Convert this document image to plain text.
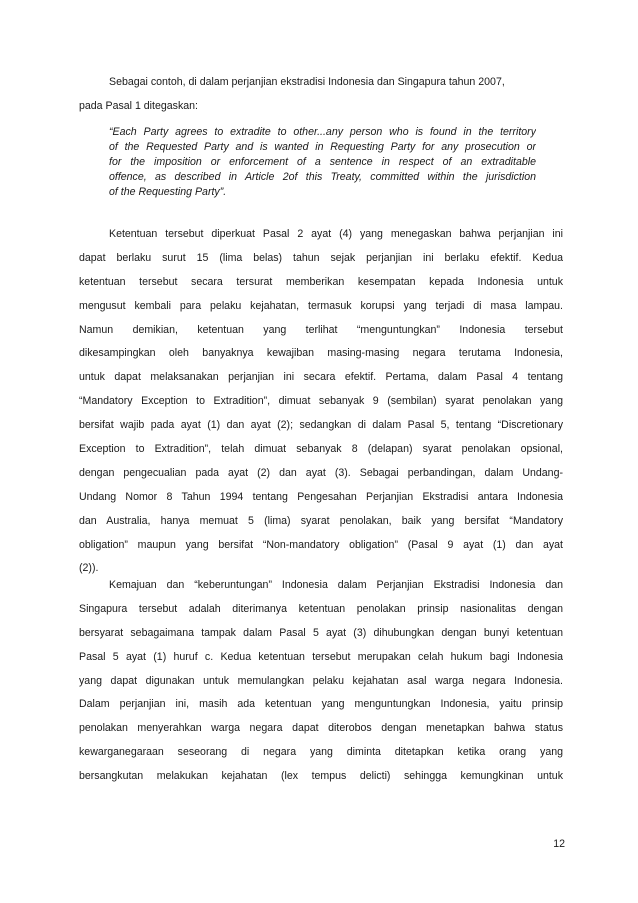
Sebagai contoh, di dalam perjanjian ekstradisi Indonesia dan Singapura tahun 2007,
pada Pasal 1 ditegaskan:
“Each Party agrees to extradite to other...any person who is found in the territory
of the Requested Party and is wanted in Requesting Party for any prosecution or
for the imposition or enforcement of a sentence in respect of an extraditable
offence, as described in Article 2of this Treaty, committed within the jurisdiction
of the Requesting Party”.
Ketentuan tersebut diperkuat Pasal 2 ayat (4) yang menegaskan bahwa perjanjian ini
dapat berlaku surut 15 (lima belas) tahun sejak perjanjian ini berlaku efektif. Kedua
ketentuan tersebut secara tersurat memberikan kesempatan kepada Indonesia untuk
mengusut kembali para pelaku kejahatan, termasuk korupsi yang terjadi di masa lampau.
Namun demikian, ketentuan yang terlihat “menguntungkan” Indonesia tersebut
dikesampingkan oleh banyaknya kewajiban masing-masing negara terutama Indonesia,
untuk dapat melaksanakan perjanjian ini secara efektif. Pertama, dalam Pasal 4 tentang
“Mandatory Exception to Extradition”, dimuat sebanyak 9 (sembilan) syarat penolakan yang
bersifat wajib pada ayat (1) dan ayat (2); sedangkan di dalam Pasal 5, tentang “Discretionary
Exception to Extradition”, telah dimuat sebanyak 8 (delapan) syarat penolakan opsional,
dengan pengecualian pada ayat (2) dan ayat (3). Sebagai perbandingan, dalam Undang-
Undang Nomor 8 Tahun 1994 tentang Pengesahan Perjanjian Ekstradisi antara Indonesia
dan Australia, hanya memuat 5 (lima) syarat penolakan, baik yang bersifat “Mandatory
obligation” maupun yang bersifat “Non-mandatory obligation” (Pasal 9 ayat (1) dan ayat
(2)).
Kemajuan dan “keberuntungan” Indonesia dalam Perjanjian Ekstradisi Indonesia dan
Singapura tersebut adalah diterimanya ketentuan penolakan prinsip nasionalitas dengan
bersyarat sebagaimana tampak dalam Pasal 5 ayat (3) dihubungkan dengan bunyi ketentuan
Pasal 5 ayat (1) huruf c. Kedua ketentuan tersebut merupakan celah hukum bagi Indonesia
yang dapat digunakan untuk memulangkan pelaku kejahatan asal warga negara Indonesia.
Dalam perjanjian ini, masih ada ketentuan yang menguntungkan Indonesia, yaitu prinsip
penolakan menyerahkan warga negara dapat diterobos dengan menetapkan bahwa status
kewarganegaraan seseorang di negara yang diminta ditetapkan ketika orang yang
bersangkutan melakukan kejahatan (lex tempus delicti) sehingga kemungkinan untuk
12
